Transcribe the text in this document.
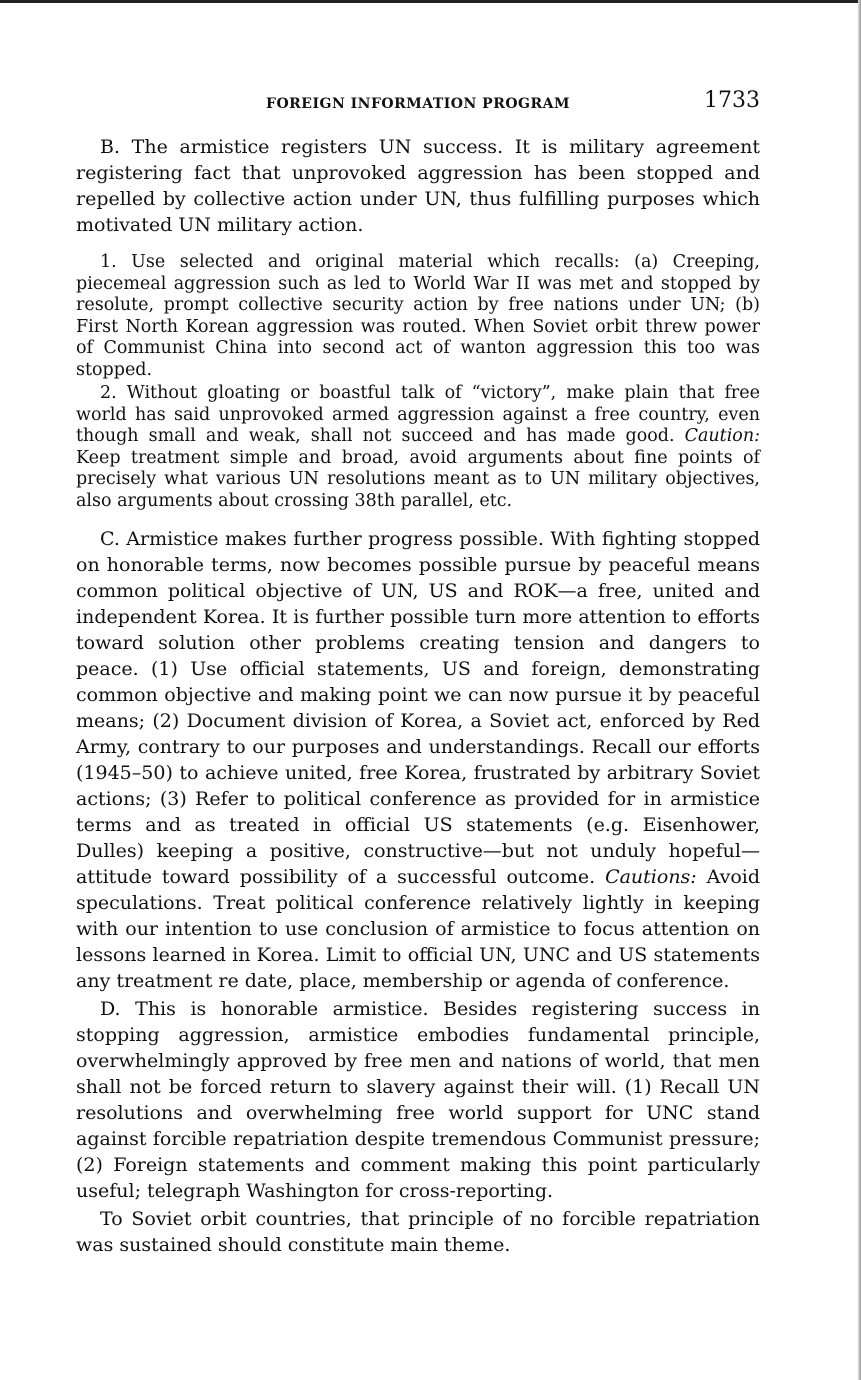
FOREIGN INFORMATION PROGRAM	1733

B. The armistice registers UN success. It is military agreement registering fact that unprovoked aggression has been stopped and repelled by collective action under UN, thus fulfilling purposes which motivated UN military action.

1. Use selected and original material which recalls: (a) Creeping, piecemeal aggression such as led to World War II was met and stopped by resolute, prompt collective security action by free nations under UN; (b) First North Korean aggression was routed. When Soviet orbit threw power of Communist China into second act of wanton aggression this too was stopped.

2. Without gloating or boastful talk of “victory”, make plain that free world has said unprovoked armed aggression against a free country, even though small and weak, shall not succeed and has made good. Caution: Keep treatment simple and broad, avoid arguments about fine points of precisely what various UN resolutions meant as to UN military objectives, also arguments about crossing 38th parallel, etc.

C. Armistice makes further progress possible. With fighting stopped on honorable terms, now becomes possible pursue by peaceful means common political objective of UN, US and ROK—a free, united and independent Korea. It is further possible turn more attention to efforts toward solution other problems creating tension and dangers to peace. (1) Use official statements, US and foreign, demonstrating common objective and making point we can now pursue it by peaceful means; (2) Document division of Korea, a Soviet act, enforced by Red Army, contrary to our purposes and understandings. Recall our efforts (1945–50) to achieve united, free Korea, frustrated by arbitrary Soviet actions; (3) Refer to political conference as provided for in armistice terms and as treated in official US statements (e.g. Eisenhower, Dulles) keeping a positive, constructive—but not unduly hopeful—attitude toward possibility of a successful outcome. Cautions: Avoid speculations. Treat political conference relatively lightly in keeping with our intention to use conclusion of armistice to focus attention on lessons learned in Korea. Limit to official UN, UNC and US statements any treatment re date, place, membership or agenda of conference.

D. This is honorable armistice. Besides registering success in stopping aggression, armistice embodies fundamental principle, overwhelmingly approved by free men and nations of world, that men shall not be forced return to slavery against their will. (1) Recall UN resolutions and overwhelming free world support for UNC stand against forcible repatriation despite tremendous Communist pressure; (2) Foreign statements and comment making this point particularly useful; telegraph Washington for cross-reporting.

To Soviet orbit countries, that principle of no forcible repatriation was sustained should constitute main theme.
